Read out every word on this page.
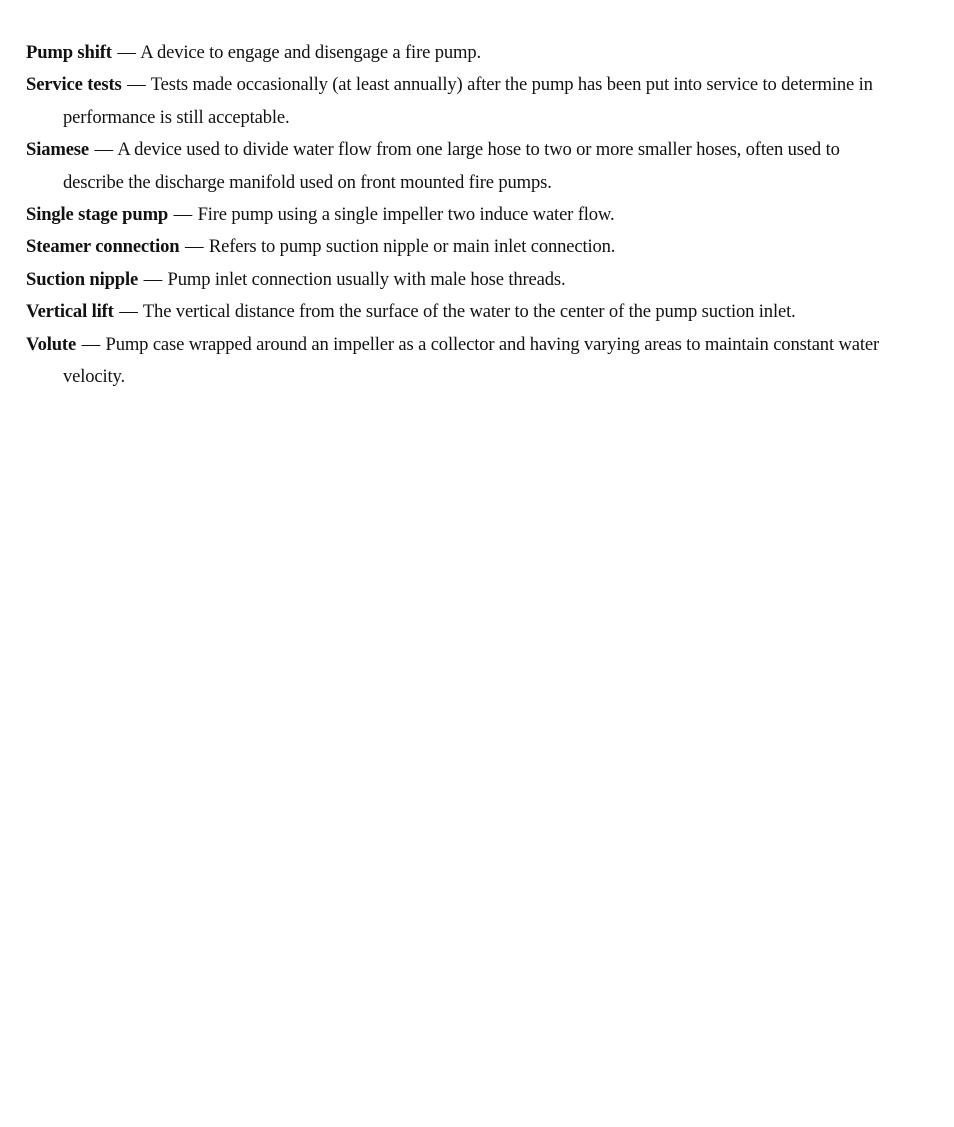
Pump shift — A device to engage and disengage a fire pump.
Service tests — Tests made occasionally (at least annually) after the pump has been put into service to determine in performance is still acceptable.
Siamese — A device used to divide water flow from one large hose to two or more smaller hoses, often used to describe the discharge manifold used on front mounted fire pumps.
Single stage pump — Fire pump using a single impeller two induce water flow.
Steamer connection — Refers to pump suction nipple or main inlet connection.
Suction nipple — Pump inlet connection usually with male hose threads.
Vertical lift — The vertical distance from the surface of the water to the center of the pump suction inlet.
Volute — Pump case wrapped around an impeller as a collector and having varying areas to maintain constant water velocity.
